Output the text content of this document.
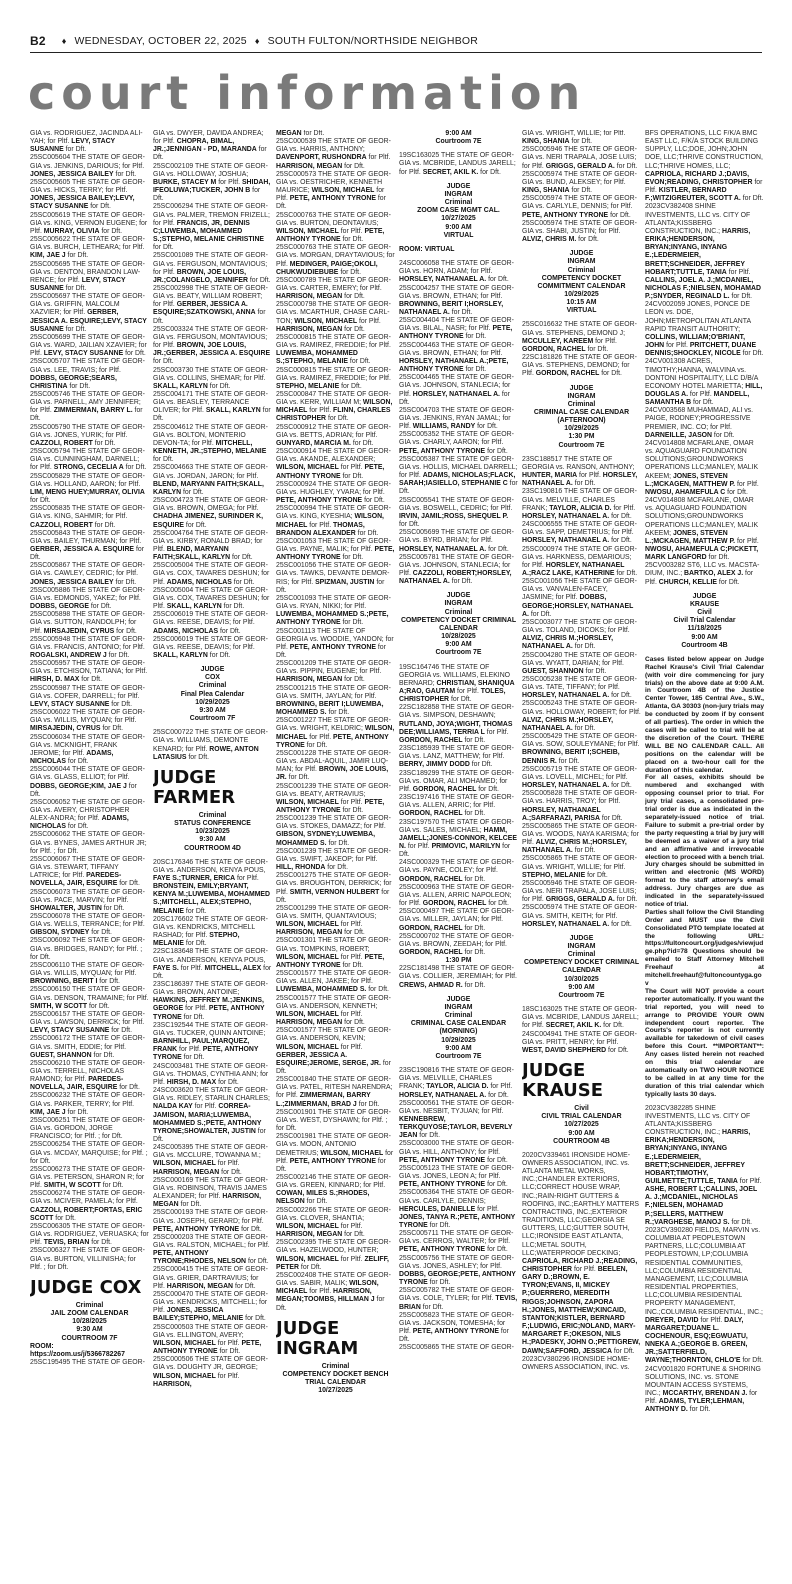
B2 ♦ WEDNESDAY, OCTOBER 22, 2025 ♦ SOUTH FULTON/NORTHSIDE NEIGHBOR
court information

GIA vs. RODRIGUEZ, JACINDA ALI-YAH; for Pltf. LEVY, STACY SUSANNE for Dft.

25SC005604 THE STATE OF GEOR-GIA vs. JENKINS, DARIOUS; for Pltf. JONES, JESSICA BAILEY for Dft.

25SC005605 THE STATE OF GEOR-GIA vs. HICKS, TERRY; for Pltf. JONES, JESSICA BAILEY;LEVY, STACY SUSANNE for Dft.

25SC005619 THE STATE OF GEOR-GIA vs. KING, VERNON EUGENE; for Pltf. MURRAY, OLIVIA for Dft.

25SC005622 THE STATE OF GEOR-GIA vs. BURCH, LETHEARA; for Pltf. KIM, JAE J for Dft.

25SC005695 THE STATE OF GEOR-GIA vs. DENTON, BRANDON LAW-RENCE; for Pltf. LEVY, STACY SUSANNE for Dft.

25SC005697 THE STATE OF GEOR-GIA vs. GRIFFIN, MALCOLM XAZVIER; for Pltf. GERBER, JESSICA A. ESQUIRE;LEVY, STACY SUSANNE for Dft.

25SC005699 THE STATE OF GEOR-GIA vs. WARD, JAILIAN XZAVIER; for Pltf. LEVY, STACY SUSANNE for Dft.

25SC005707 THE STATE OF GEOR-GIA vs. LEE, TRAVIS; for Pltf. DOBBS, GEORGE;SEARS, CHRISTINA for Dft.

25SC005746 THE STATE OF GEOR-GIA vs. PARNELL, AMY JENNIFER; for Pltf. ZIMMERMAN, BARRY L. for Dft.

25SC005790 THE STATE OF GEOR-GIA vs. JONES, YURIK; for Pltf. CAZZOLI, ROBERT for Dft.

25SC005794 THE STATE OF GEOR-GIA vs. CUNNINGHAM, DARNELL; for Pltf. STRONG, CECELIA A for Dft.

25SC005829 THE STATE OF GEOR-GIA vs. HOLLAND, AARON; for Pltf. LIM, MENG HUEY;MURRAY, OLIVIA for Dft.

25SC005835 THE STATE OF GEOR-GIA vs. KING, SAHMIR; for Pltf. CAZZOLI, ROBERT for Dft.

25SC005843 THE STATE OF GEOR-GIA vs. BAILEY, THURMAN; for Pltf. GERBER, JESSICA A. ESQUIRE for Dft.

25SC005867 THE STATE OF GEOR-GIA vs. CAWLEY, CEDRIC; for Pltf. JONES, JESSICA BAILEY for Dft.

25SC005886 THE STATE OF GEOR-GIA vs. EDMONDS, YAKEZ; for Pltf. DOBBS, GEORGE for Dft.

25SC005898 THE STATE OF GEOR-GIA vs. SUTTON, RANDOLPH; for Pltf. MIRSAJEDIN, CYRUS for Dft.

25SC005948 THE STATE OF GEOR-GIA vs. FRANCIS, ANTONIO; for Pltf. ROGALSKI, ANDREW J for Dft.

25SC005957 THE STATE OF GEOR-GIA vs. ETCHISON, TATIANA; for Pltf. HIRSH, D. MAX for Dft.

25SC005987 THE STATE OF GEOR-GIA vs. COFER, DARRELL; for Pltf. LEVY, STACY SUSANNE for Dft.

25SC006022 THE STATE OF GEOR-GIA vs. WILLIS, MYQUAN; for Pltf. MIRSAJEDIN, CYRUS for Dft.

25SC006034 THE STATE OF GEOR-GIA vs. MCKNIGHT, FRANK JEROME; for Pltf. ADAMS, NICHOLAS for Dft.

25SC006044 THE STATE OF GEOR-GIA vs. GLASS, ELLIOT; for Pltf. DOBBS, GEORGE;KIM, JAE J for Dft.

25SC006052 THE STATE OF GEOR-GIA vs. AVERY, CHRISTOPHER ALEX-ANDRA; for Pltf. ADAMS, NICHOLAS for Dft.

25SC006062 THE STATE OF GEOR-GIA vs. BYNES, JAMES ARTHUR JR; for Pltf. ; for Dft.

25SC006067 THE STATE OF GEOR-GIA vs. STEWART, TIFFANY LATRICE; for Pltf. PAREDES-NOVELLA, JAIR, ESQUIRE for Dft.

25SC006073 THE STATE OF GEOR-GIA vs. PACE, MARVIN; for Pltf. SHOWALTER, JUSTIN for Dft.

25SC006078 THE STATE OF GEOR-GIA vs. WELLS, TERRANCE; for Pltf. GIBSON, SYDNEY for Dft.

25SC006092 THE STATE OF GEOR-GIA vs. BRIDGES, RANDY; for Pltf. ; for Dft.

25SC006110 THE STATE OF GEOR-GIA vs. WILLIS, MYQUAN; for Pltf. BROWNING, BERIT I for Dft.

25SC006150 THE STATE OF GEOR-GIA vs. DENSON, TRAMAINE; for Pltf. SMITH, W SCOTT for Dft.

25SC006157 THE STATE OF GEOR-GIA vs. LAWSON, DERRICK; for Pltf. LEVY, STACY SUSANNE for Dft.

25SC006172 THE STATE OF GEOR-GIA vs. SMITH, EDDIE; for Pltf. GUEST, SHANNON for Dft.

25SC006210 THE STATE OF GEOR-GIA vs. TERRELL, NICHOLAS RAMOND; for Pltf. PAREDES-NOVELLA, JAIR, ESQUIRE for Dft.

25SC006232 THE STATE OF GEOR-GIA vs. PARKER, TERRY; for Pltf. KIM, JAE J for Dft.

25SC006251 THE STATE OF GEOR-GIA vs. GORDON, JORGE FRANCISCO; for Pltf. ; for Dft.

25SC006254 THE STATE OF GEOR-GIA vs. MCDAY, MARQUISE; for Pltf. ; for Dft.

25SC006273 THE STATE OF GEOR-GIA vs. PETERSON, SHARON R; for Pltf. SMITH, W SCOTT for Dft.

25SC006274 THE STATE OF GEOR-GIA vs. MCIVER, PAMELA; for Pltf. CAZZOLI, ROBERT;FORTAS, ERIC SCOTT for Dft.

25SC006305 THE STATE OF GEOR-GIA vs. RODRIGUEZ, VERUASKA; for Pltf. TEVIS, BRIAN for Dft.

25SC006327 THE STATE OF GEOR-GIA vs. BURTON, VILLINISHA; for Pltf. ; for Dft.

JUDGE COX

Criminal

JAIL ZOOM CALENDAR

10/28/2025

9:30 AM

COURTROOM 7F

ROOM: https://zoom.us/j/5366782267

25SC195495 THE STATE OF GEOR-

GIA vs. DWYER, DAVIDA ANDREA; for Pltf. CHOPRA, BIMAL, JR.;JENNIGAN - PD, MARANDA for Dft.

25SC002109 THE STATE OF GEOR-GIA vs. HOLLOWAY, JOSHUA; BURKE, STACEY M for Pltf. SHIDAH, IFEOLUWA;TUCKER, JOHN B for Dft.

25SC006294 THE STATE OF GEOR-GIA vs. PALMER, TREMON FRIZELL; for Pltf. FRANCIS, JR, DENNIS C;LUWEMBA, MOHAMMED S.;STEPHO, MELANIE CHRISTINE for Dft.

25SC001089 THE STATE OF GEOR-GIA vs. FERGUSON, MONTAVIOUS; for Pltf. BROWN, JOE LOUIS, JR.;COLANGELO, JENNIFER for Dft.

25SC002998 THE STATE OF GEOR-GIA vs. BEATY, WILLIAM ROBERT; for Pltf. GERBER, JESSICA A. ESQUIRE;SZATKOWSKI, ANNA for Dft.

25SC003324 THE STATE OF GEOR-GIA vs. FERGUSON, MONTAVIOUS; for Pltf. BROWN, JOE LOUIS, JR.;GERBER, JESSICA A. ESQUIRE for Dft.

25SC003730 THE STATE OF GEOR-GIA vs. COLLINS, SHEMAR; for Pltf. SKALL, KARLYN for Dft.

25SC004171 THE STATE OF GEOR-GIA vs. BEASLEY, TERRANCE OLIVER; for Pltf. SKALL, KARLYN for Dft.

25SC004612 THE STATE OF GEOR-GIA vs. BOLTON, MONTERIO DEVON-TA; for Pltf. MITCHELL, KENNETH, JR.;STEPHO, MELANIE for Dft.

25SC004663 THE STATE OF GEOR-GIA vs. JORDAN, JARON; for Pltf. BLEND, MARYANN FAITH;SKALL, KARLYN for Dft.

25SC004723 THE STATE OF GEOR-GIA vs. BROWN, OMEGA; for Pltf. CHADHA JIMENEZ, SURINDER K, ESQUIRE for Dft.

25SC004764 THE STATE OF GEOR-GIA vs. KIRBY, RONALD BRAD; for Pltf. BLEND, MARYANN FAITH;SKALL, KARLYN for Dft.

25SC005004 THE STATE OF GEOR-GIA vs. COX, TAVARES DESHUN; for Pltf. ADAMS, NICHOLAS for Dft.

25SC005004 THE STATE OF GEOR-GIA vs. COX, TAVARES DESHUN; for Pltf. SKALL, KARLYN for Dft.

25SC006019 THE STATE OF GEOR-GIA vs. REESE, DEAVIS; for Pltf. ADAMS, NICHOLAS for Dft.

25SC006019 THE STATE OF GEOR-GIA vs. REESE, DEAVIS; for Pltf. SKALL, KARLYN for Dft.

JUDGE

COX

Criminal

Final Plea Calendar

10/29/2025

9:30 AM

Courtroom 7F

25SC000722 THE STATE OF GEOR-GIA vs. WILLIAMS, DEMONTE KENARD; for Pltf. ROWE, ANTON LATASIUS for Dft.

JUDGE FARMER

Criminal

STATUS CONFERENCE

10/23/2025

9:30 AM

COURTROOM 4D

20SC176346 THE STATE OF GEOR-GIA vs. ANDERSON, KENYA POUS, FAYE S.;TURNER, ERICA for Pltf. BRONSTEIN, EMILY;BRYANT, KENYA M.;LUWEMBA, MOHAMMED S.;MITCHELL, ALEX;STEPHO, MELANIE for Dft.

20SC176602 THE STATE OF GEOR-GIA vs. KENDRICKS, MITCHELL RASHAD; for Pltf. STEPHO, MELANIE for Dft.

22SC183648 THE STATE OF GEOR-GIA vs. ANDERSON, KENYA POUS, FAYE S. for Pltf. MITCHELL, ALEX for Dft.

23SC186397 THE STATE OF GEOR-GIA vs. BROWN, ANTOINE; HAWKINS, JEFFREY M.;JENKINS, GEORGE for Pltf. PETE, ANTHONY TYRONE for Dft.

23SC192544 THE STATE OF GEOR-GIA vs. TUCKER, QUINN ANTOINE; BARNHILL, PAUL;MARQUEZ, FRANK for Pltf. PETE, ANTHONY TYRONE for Dft.

24SC003481 THE STATE OF GEOR-GIA vs. THOMAS, CYNTHIA ANN; for Pltf. HIRSH, D. MAX for Dft.

24SC003620 THE STATE OF GEOR-GIA vs. RIDLEY, STARLIN CHARLES; NALDA KAY for Pltf. CORREA-JAMISON, MARIA;LUWEMBA, MOHAMMED S.;PETE, ANTHONY TYRONE;SHOWALTER, JUSTIN for Dft.

24SC005395 THE STATE OF GEOR-GIA vs. MCCLURE, TOWANNA M.; WILSON, MICHAEL for Pltf. HARRISON, MEGAN for Dft.

25SC000169 THE STATE OF GEOR-GIA vs. ROBINSON, TRAVIS JAMES ALEXANDER; for Pltf. HARRISON, MEGAN for Dft.

25SC000193 THE STATE OF GEOR-GIA vs. JOSEPH, GERARD; for Pltf. PETE, ANTHONY TYRONE for Dft.

25SC000203 THE STATE OF GEOR-GIA vs. RALSTON, MICHAEL; for Pltf. PETE, ANTHONY TYRONE;RHODES, NELSON for Dft.

25SC000415 THE STATE OF GEOR-GIA vs. GRIER, DARTRAVIUS; for Pltf. HARRISON, MEGAN for Dft.

25SC000470 THE STATE OF GEOR-GIA vs. KENDRICKS, MITCHELL; for Pltf. JONES, JESSICA BAILEY;STEPHO, MELANIE for Dft.

25SC000503 THE STATE OF GEOR-GIA vs. ELLINGTON, AVERY; WILSON, MICHAEL for Pltf. PETE, ANTHONY TYRONE for Dft.

25SC000506 THE STATE OF GEOR-GIA vs. DOUGHTY JR, GEORGE; WILSON, MICHAEL for Pltf. HARRISON,

MEGAN for Dft.

25SC000539 THE STATE OF GEOR-GIA vs. HARRIS, ANTHONY; DAVENPORT, RUSHONDRA for Pltf. HARRISON, MEGAN for Dft.

25SC000573 THE STATE OF GEOR-GIA vs. OESTRICHER, KENNETH MAURICE; WILSON, MICHAEL for Pltf. PETE, ANTHONY TYRONE for Dft.

25SC000763 THE STATE OF GEOR-GIA vs. BURTON, DEONTAVIUS; WILSON, MICHAEL for Pltf. PETE, ANTHONY TYRONE for Dft.

25SC000763 THE STATE OF GEOR-GIA vs. MORGAN, DRAYTAVIOUS; for Pltf. MEDINGER, PAIGE;OKOLI, CHUKWUDIEBUBE for Dft.

25SC000789 THE STATE OF GEOR-GIA vs. CARTER, EMERY; for Pltf. HARRISON, MEGAN for Dft.

25SC000798 THE STATE OF GEOR-GIA vs. MCARTHUR, CHASE CARL-TON; WILSON, MICHAEL for Pltf. HARRISON, MEGAN for Dft.

25SC000815 THE STATE OF GEOR-GIA vs. RAMIREZ, FREDDIE; for Pltf. LUWEMBA, MOHAMMED S.;STEPHO, MELANIE for Dft.

25SC000815 THE STATE OF GEOR-GIA vs. RAMIREZ, FREDDIE; for Pltf. STEPHO, MELANIE for Dft.

25SC000847 THE STATE OF GEOR-GIA vs. KERR, WILLIAM M; WILSON, MICHAEL for Pltf. FLINN, CHARLES CHRISTOPHER for Dft.

25SC000912 THE STATE OF GEOR-GIA vs. BETTS, ADRIAN; for Pltf. GUNYARD, MARCIA M. for Dft.

25SC000914 THE STATE OF GEOR-GIA vs. AKANDE, ALEXANDER; WILSON, MICHAEL for Pltf. PETE, ANTHONY TYRONE for Dft.

25SC000924 THE STATE OF GEOR-GIA vs. HUGHLEY, YVARA; for Pltf. PETE, ANTHONY TYRONE for Dft.

25SC000994 THE STATE OF GEOR-GIA vs. KING, KYESHIA; WILSON, MICHAEL for Pltf. THOMAS, BRANDON ALEXANDER for Dft.

25SC001053 THE STATE OF GEOR-GIA vs. PAYNE, MALIK; for Pltf. PETE, ANTHONY TYRONE for Dft.

25SC001056 THE STATE OF GEOR-GIA vs. TAWKS, DEVANTE DEMOR-RIS; for Pltf. SPIZMAN, JUSTIN for Dft.

25SC001093 THE STATE OF GEOR-GIA vs. RYAN, NIKKI; for Pltf. LUWEMBA, MOHAMMED S.;PETE, ANTHONY TYRONE for Dft.

25SC001113 THE STATE OF GEORGIA vs. WOODIE, YANDON; for Pltf. PETE, ANTHONY TYRONE for Dft.

25SC001209 THE STATE OF GEOR-GIA vs. PIPPIN, EUGENE; for Pltf. HARRISON, MEGAN for Dft.

25SC001215 THE STATE OF GEOR-GIA vs. SMITH, JAYLAN; for Pltf. BROWNING, BERIT I;LUWEMBA, MOHAMMED S. for Dft.

25SC001227 THE STATE OF GEOR-GIA vs. WRIGHT, KELDRIC; WILSON, MICHAEL for Pltf. PETE, ANTHONY TYRONE for Dft.

25SC001228 THE STATE OF GEOR-GIA vs. ABDAL-AQUIL, JAMIR LUQ-MAN; for Pltf. BROWN, JOE LOUIS, JR. for Dft.

25SC001239 THE STATE OF GEOR-GIA vs. BEATY, ARTRAVIUS; WILSON, MICHAEL for Pltf. PETE, ANTHONY TYRONE for Dft.

25SC001239 THE STATE OF GEOR-GIA vs. STOKES, DAMAZZ; for Pltf. GIBSON, SYDNEY;LUWEMBA, MOHAMMED S. for Dft.

25SC001239 THE STATE OF GEOR-GIA vs. SWIFT, JAKEOP; for Pltf. HILL, RHONDA for Dft.

25SC001275 THE STATE OF GEOR-GIA vs. BROUGHTON, DERRICK; for Pltf. SMITH, VERNON HULBERT for Dft.

25SC001299 THE STATE OF GEOR-GIA vs. SMITH, QUANTAVIOUS; WILSON, MICHAEL for Pltf. HARRISON, MEGAN for Dft.

25SC001301 THE STATE OF GEOR-GIA vs. TOMPKINS, ROBERT; WILSON, MICHAEL for Pltf. PETE, ANTHONY TYRONE for Dft.

25SC001577 THE STATE OF GEOR-GIA vs. ALLEN, JAKEE; for Pltf. LUWEMBA, MOHAMMED S. for Dft.

25SC001577 THE STATE OF GEOR-GIA vs. ANDERSON, KENNETH; WILSON, MICHAEL for Pltf. HARRISON, MEGAN for Dft.

25SC001577 THE STATE OF GEOR-GIA vs. ANDERSON, KEVIN; WILSON, MICHAEL for Pltf. GERBER, JESSICA A. ESQUIRE;JEROME, SERGE, JR. for Dft.

25SC001840 THE STATE OF GEOR-GIA vs. PATEL, RITESH NARENDRA; for Pltf. ZIMMERMAN, BARRY L.;ZIMMERMAN, BRAD J for Dft.

25SC001901 THE STATE OF GEOR-GIA vs. WEST, DYSHAWN; for Pltf. ; for Dft.

25SC001981 THE STATE OF GEOR-GIA vs. MOON, ANTONIO DEMETRIUS; WILSON, MICHAEL for Pltf. PETE, ANTHONY TYRONE for Dft.

25SC002146 THE STATE OF GEOR-GIA vs. GREEN, KINNARD; for Pltf. COWAN, MILES S.;RHODES, NELSON for Dft.

25SC002266 THE STATE OF GEOR-GIA vs. CLOVER, SHANTIA; WILSON, MICHAEL for Pltf. HARRISON, MEGAN for Dft.

25SC002395 THE STATE OF GEOR-GIA vs. HAZELWOOD, HUNTER; WILSON, MICHAEL for Pltf. ZELIFF, PETER for Dft.

25SC002408 THE STATE OF GEOR-GIA vs. SABIR, MALIK; WILSON, MICHAEL for Pltf. HARRISON, MEGAN;TOOMBS, HILLMAN J for Dft.

JUDGE INGRAM

Criminal

COMPETENCY DOCKET BENCH TRIAL CALENDAR

10/27/2025

9:00 AM

Courtroom 7E

19SC163025 THE STATE OF GEOR-GIA vs. MCBRIDE, LANDUS JARELL; for Pltf. SECRET, AKIL K. for Dft.

JUDGE

INGRAM

Criminal

ZOOM CASE MGMT CAL.

10/27/2025

9:00 AM

VIRTUAL

ROOM: VIRTUAL

24SC006058 THE STATE OF GEOR-GIA vs. HORN, ADAM; for Pltf. HORSLEY, NATHANAEL A. for Dft.

25SC004257 THE STATE OF GEOR-GIA vs. BROWN, ETHAN; for Pltf. BROWNING, BERIT I;HORSLEY, NATHANAEL A. for Dft.

25SC004404 THE STATE OF GEOR-GIA vs. BILAL, NASR; for Pltf. PETE, ANTHONY TYRONE for Dft.

25SC004463 THE STATE OF GEOR-GIA vs. BROWN, ETHAN; for Pltf. HORSLEY, NATHANAEL A.;PETE, ANTHONY TYRONE for Dft.

25SC004465 THE STATE OF GEOR-GIA vs. JOHNSON, STANLECIA; for Pltf. HORSLEY, NATHANAEL A. for Dft.

25SC004703 THE STATE OF GEOR-GIA vs. JENKINS, RYAN JAMAL; for Pltf. WILLIAMS, RANDY for Dft.

25SC005352 THE STATE OF GEOR-GIA vs. CHARLY, AARON; for Pltf. PETE, ANTHONY TYRONE for Dft.

25SC005387 THE STATE OF GEOR-GIA vs. HOLLIS, MICHAEL DARRELL; for Pltf. ADAMS, NICHOLAS;FLACK, SARAH;IASIELLO, STEPHANIE C for Dft.

25SC005541 THE STATE OF GEOR-GIA vs. BOSWELL, CEDRIC; for Pltf. IRVIN, JAMIL;ROSS, SHEQUEL P. for Dft.

25SC005699 THE STATE OF GEOR-GIA vs. BYRD, BRIAN; for Pltf. HORSLEY, NATHANAEL A. for Dft.

25SC005781 THE STATE OF GEOR-GIA vs. JOHNSON, STANLECIA; for Pltf. CAZZOLI, ROBERT;HORSLEY, NATHANAEL A. for Dft.

JUDGE

INGRAM

Criminal

COMPETENCY DOCKET CRIMINAL CALENDAR

10/28/2025

9:00 AM

Courtroom 7E

19SC164746 THE STATE OF GEORGIA vs. WILLIAMS, ELEKINO BERNARD; CHRISTIAN, SHANIQUA A;RAO, GAUTAM for Pltf. TOLES, CHRISTOPHER for Dft.

22SC182858 THE STATE OF GEOR-GIA vs. SIMPSON, DESHAWN; RUTLAND, JOYA;WIGHT, THOMAS DEE;WILLIAMS, TERRIA L for Pltf. GORDON, RACHEL for Dft.

23SC185939 THE STATE OF GEOR-GIA vs. LANZ, MATTHEW; for Pltf. BERRY, JIMMY DODD for Dft.

23SC189299 THE STATE OF GEOR-GIA vs. OMAR, ALI MOHAMED; for Pltf. GORDON, RACHEL for Dft.

23SC197416 THE STATE OF GEOR-GIA vs. ALLEN, ARRIC; for Pltf. GORDON, RACHEL for Dft.

23SC197570 THE STATE OF GEOR-GIA vs. SALES, MICHAEL; HAMM, JAMELL;JONES-CONNOR, KELCEE N. for Pltf. PRIMOVIC, MARILYN for Dft.

24SC000329 THE STATE OF GEOR-GIA vs. PAYNE, COLEY; for Pltf. GORDON, RACHEL for Dft.

25SC000963 THE STATE OF GEOR-GIA vs. ALLEN, ARRIC NAPOLEON; for Pltf. GORDON, RACHEL for Dft.

25SC000497 THE STATE OF GEOR-GIA vs. MILLER, JAYLAN; for Pltf. GORDON, RACHEL for Dft.

25SC000702 THE STATE OF GEOR-GIA vs. BROWN, ZEEDAH; for Pltf. GORDON, RACHEL for Dft.

1:30 PM

22SC181498 THE STATE OF GEOR-GIA vs. COLLIER, JEREMIAH; for Pltf. CREWS, AHMAD R. for Dft.

JUDGE

INGRAM

Criminal

CRIMINAL CASE CALENDAR (MORNING)

10/29/2025

9:00 AM

Courtroom 7E

23SC190816 THE STATE OF GEOR-GIA vs. MELVILLE, CHARLES FRANK; TAYLOR, ALICIA D. for Pltf. HORSLEY, NATHANAEL A. for Dft.

25SC000561 THE STATE OF GEOR-GIA vs. NESBIT, TYJUAN; for Pltf. KENNEBREW, TERKQUYOSE;TAYLOR, BEVERLY JEAN for Dft.

25SC003000 THE STATE OF GEOR-GIA vs. HILL, ANTHONY; for Pltf. PETE, ANTHONY TYRONE for Dft.

25SC005123 THE STATE OF GEOR-GIA vs. JONES, LEON A; for Pltf. PETE, ANTHONY TYRONE for Dft.

25SC005364 THE STATE OF GEOR-GIA vs. CARLYLE, DENNIS; HERCULES, DANIELLE for Pltf. JONES, TANYA R.;PETE, ANTHONY TYRONE for Dft.

25SC005711 THE STATE OF GEOR-GIA vs. CERROS, WALTER; for Pltf. PETE, ANTHONY TYRONE for Dft.

25SC005756 THE STATE OF GEOR-GIA vs. JONES, ASHLEY; for Pltf. DOBBS, GEORGE;PETE, ANTHONY TYRONE for Dft.

25SC005782 THE STATE OF GEOR-GIA vs. COLE, TYLER; for Pltf. TEVIS, BRIAN for Dft.

25SC005823 THE STATE OF GEOR-GIA vs. JACKSON, TOMESHA; for Pltf. PETE, ANTHONY TYRONE for Dft.

25SC005865 THE STATE OF GEOR-

GIA vs. WRIGHT, WILLIE; for Pltf. KING, SHANIA for Dft.

25SC005946 THE STATE OF GEOR-GIA vs. NERI TRAPALA, JOSE LUIS; for Pltf. GRIGGS, GERALD A. for Dft.

25SC005974 THE STATE OF GEOR-GIA vs. BUND, ALEKSEY; for Pltf. KING, SHANIA for Dft.

25SC005974 THE STATE OF GEOR-GIA vs. CARLYLE, DENNIS; for Pltf. PETE, ANTHONY TYRONE for Dft.

25SC005974 THE STATE OF GEOR-GIA vs. SHABI, JUSTIN; for Pltf. ALVIZ, CHRIS M. for Dft.

JUDGE

INGRAM

Criminal

COMPETENCY DOCKET COMMITMENT CALENDAR

10/29/2025

10:15 AM

VIRTUAL

25SC016632 THE STATE OF GEOR-GIA vs. STEPHENS, DEMOND J; MCCULLEY, KAREEM for Pltf. GORDON, RACHEL for Dft.

22SC181826 THE STATE OF GEOR-GIA vs. STEPHENS, DEMOND; for Pltf. GORDON, RACHEL for Dft.

JUDGE

INGRAM

Criminal

CRIMINAL CASE CALENDAR (AFTERNOON)

10/29/2025

1:30 PM

Courtroom 7E

23SC188517 THE STATE OF GEORGIA vs. RANSON, ANTHONY; HUNTER, MARIA for Pltf. HORSLEY, NATHANAEL A. for Dft.

23SC190816 THE STATE OF GEOR-GIA vs. MELVILLE, CHARLES FRANK; TAYLOR, ALICIA D. for Pltf. HORSLEY, NATHANAEL A. for Dft.

24SC006555 THE STATE OF GEOR-GIA vs. SAPP, DEMETRIUS; for Pltf. HORSLEY, NATHANAEL A. for Dft.

25SC000974 THE STATE OF GEOR-GIA vs. HARKNESS, DEMARIOUS; for Pltf. HORSLEY, NATHANAEL A.;RACZ LAKE, KATHERINE for Dft.

25SC001056 THE STATE OF GEOR-GIA vs. VANVALEN-FACEY, JASMINE; for Pltf. DOBBS, GEORGE;HORSLEY, NATHANAEL A. for Dft.

25SC003077 THE STATE OF GEOR-GIA vs. TOLAND, DICOKS; for Pltf. ALVIZ, CHRIS M.;HORSLEY, NATHANAEL A. for Dft.

25SC004280 THE STATE OF GEOR-GIA vs. WYATT, DARIAN; for Pltf. GUEST, SHANNON for Dft.

25SC005238 THE STATE OF GEOR-GIA vs. TATE, TIFFANY; for Pltf. HORSLEY, NATHANAEL A. for Dft.

25SC005243 THE STATE OF GEOR-GIA vs. HOLLOWAY, ROBERT; for Pltf. ALVIZ, CHRIS M.;HORSLEY, NATHANAEL A. for Dft.

25SC005429 THE STATE OF GEOR-GIA vs. SOW, SOULEYMANE; for Pltf. BROWNING, BERIT I;SCHEIB, DENNIS R. for Dft.

25SC005719 THE STATE OF GEOR-GIA vs. LOVELL, MICHEL; for Pltf. HORSLEY, NATHANAEL A. for Dft.

25SC005828 THE STATE OF GEOR-GIA vs. HARRIS, TROY; for Pltf. HORSLEY, NATHANAEL A.;SARFARAZI, PARISA for Dft.

25SC005865 THE STATE OF GEOR-GIA vs. WOODS, NAYA KARISMA; for Pltf. ALVIZ, CHRIS M.;HORSLEY, NATHANAEL A. for Dft.

25SC005865 THE STATE OF GEOR-GIA vs. WRIGHT, WILLIE; for Pltf. STEPHO, MELANIE for Dft.

25SC005946 THE STATE OF GEOR-GIA vs. NERI TRAPALA, JOSE LUIS; for Pltf. GRIGGS, GERALD A. for Dft.

25SC005974 THE STATE OF GEOR-GIA vs. SMITH, KEITH; for Pltf. HORSLEY, NATHANAEL A. for Dft.

JUDGE

INGRAM

Criminal

COMPETENCY DOCKET CRIMINAL CALENDAR

10/30/2025

9:00 AM

Courtroom 7E

18SC163025 THE STATE OF GEOR-GIA vs. MCBRIDE, LANDUS JARELL; for Pltf. SECRET, AKIL K. for Dft.

24SC004941 THE STATE OF GEOR-GIA vs. PRITT, HENRY; for Pltf. WEST, DAVID SHEPHERD for Dft.

JUDGE KRAUSE

Civil

CIVIL TRIAL CALENDAR

10/27/2025

9:00 AM

COURTROOM 4B

2020CV339461 IRONSIDE HOME-OWNERS ASSOCIATION, INC. vs. ATLANTA METAL WORKS, INC.;CHANDLER EXTERIORS, LLC;CORRECT HOUSE WRAP, INC.;RAIN-RIGHT GUTTERS & ROOFING, INC.;EARTHLY MATTERS CONTRACTING, INC.;EXTERIOR TRADITIONS, LLC;GEORGIA SE GUTTERS, LLC;GUTTER SOUTH, LLC;IRONSIDE EAST ATLANTA, LLC;METAL SOUTH, LLC;WATERPROOF DECKING; CAPRIOLA, RICHARD J.;READING, CHRISTOPHER for Pltf. BEELEN, GARY D.;BROWN, E. TYRON;EVANS, II, MICKEY P.;GUERRERO, MEREDITH RIGGS;JOHNSON, ZAPORA H.;JONES, MATTHEW;KINCAID, STANTON;KISTLER, BERNARD F.;LUDWIG, ERIC;NOLAND, MARY-MARGARET F.;OKESON, NILS H.;PADESKY, JOHN O.;PETTIGREW, DAWN;SAFFORD, JESSICA for Dft.

2023CV380296 IRONSIDE HOME-OWNERS ASSOCIATION, INC. vs.

BFS OPERATIONS, LLC F/K/A BMC EAST LLC, F/K/A STOCK BUILDING SUPPLY, LLC;DOE, JOHN;JOHN DOE, LLC;THRIVE CONSTRUCTION, LLC;THRIVE HOMES, LLC; CAPRIOLA, RICHARD J.;DAVIS, EVON;READING, CHRISTOPHER for Pltf. KISTLER, BERNARD F.;WITZIGREUTER, SCOTT A. for Dft.

2023CV382408 SHINE INVESTMENTS, LLC vs. CITY OF ATLANTA;KISSBERG CONSTRUCTION, INC.; HARRIS, ERIKA;HENDERSON, BRYAN;INYANG, INYANG E.;LEDERMEIER, BRETT;SCHNEIDER, JEFFREY HOBART;TUTTLE, TANIA for Pltf. CALLINS, JOEL A. J.;MCDANIEL, NICHOLAS F.;NIELSEN, MOHAMAD P.;SNYDER, REGINALD L. for Dft.

24CV002059 JONES, PONCE DE LEON vs. DOE, JOHN;METROPOLITAN ATLANTA RAPID TRANSIT AUTHORITY; COLLINS, WILLIAM;O'BRIANT, JOHN for Pltf. PRITCHETT, DUANE DENNIS;SHOCKLEY, NICOLE for Dft.

24CV001308 ACRES, TIMOTHY;HANNA, WALVINA vs. DONTONI HOSPITALITY, LLC D/B/A ECONOMY HOTEL MARIETTA; HILL, DOUGLAS A. for Pltf. MANDELL, SAMANTHA B for Dft.

24CV003568 MUHAMMAD, ALI vs. PAIGE, RODNEY;PROGRESSIVE PREMIER, INC. CO; for Pltf. DARNEILLE, JASON for Dft.

24CV014808 MCFARLANE, OMAR vs. AQUAGUARD FOUNDATION SOLUTIONS;GROUNDWORKS OPERATIONS LLC;MANLEY, MALIK AKEEM; JONES, STEVEN L.;MCKAGEN, MATTHEW P. for Pltf. NWOSU, AHAMEFULA C for Dft.

24CV014808 MCFARLANE, OMAR vs. AQUAGUARD FOUNDATION SOLUTIONS;GROUNDWORKS OPERATIONS LLC;MANLEY, MALIK AKEEM; JONES, STEVEN L.;MCKAGEN, MATTHEW P. for Pltf. NWOSU, AHAMEFULA C;PICKETT, MARK LANGFORD for Dft.

25CV003282 ST6, LLC vs. MACSTA-DIUM, INC.; BARTKO, ALEX J. for Pltf. CHURCH, KELLIE for Dft.

JUDGE

KRAUSE

Civil

Civil Trial Calendar

11/18/2025

9:00 AM

Courtroom 4B

Cases listed below appear on Judge Rachel Krause's Civil Trial Calendar (with voir dire commencing for jury trials) on the above date at 9:00 A.M. in Courtroom 4B of the Justice Center Tower, 185 Central Ave., S.W., Atlanta, GA 30303 (non-jury trials may be conducted by zoom if by consent of all parties). The order in which the cases will be called to trial will be at the discretion of the Court. THERE WILL BE NO CALENDAR CALL. All positions on the calendar will be placed on a two-hour call for the duration of this calendar.

For all cases, exhibits should be numbered and exchanged with opposing counsel prior to trial. For jury trial cases, a consolidated pre-trial order is due as indicated in the separately-issued notice of trial. Failure to submit a pre-trial order by the party requesting a trial by jury will be deemed as a waiver of a jury trial and an affirmative and irrevocable election to proceed with a bench trial. Jury charges should be submitted in written and electronic (MS WORD) format to the staff attorney's email address. Jury charges are due as indicated in the separately-issued notice of trial.

Parties shall follow the Civil Standing Order and MUST use the Civil Consolidated PTO template located at the following URL: https://fultoncourt.org/judges/viewjudge.php?id=78 Questions should be emailed to Staff Attorney Mitchell Freehauf at mitchell.freehauf@fultoncountyga.gov

The Court will NOT provide a court reporter automatically. If you want the trial reported, you will need to arrange to PROVIDE YOUR OWN independent court reporter. The Courts's reporter is not currently available for takedown of civil cases before this Court. **IMPORTANT**: Any cases listed herein not reached on this trial calendar are automatically on TWO HOUR NOTICE to be called in at any time for the duration of this trial calendar which typically lasts 30 days.

2023CV382285 SHINE INVESTMENTS, LLC vs. CITY OF ATLANTA;KISSBERG CONSTRUCTION, INC.; HARRIS, ERIKA;HENDERSON, BRYAN;INYANG, INYANG E.;LEDERMEIER, BRETT;SCHNEIDER, JEFFREY HOBART;TIMOTHY, GUILMETTE;TUTTLE, TANIA for Pltf. ASHE, ROBERT L;CALLINS, JOEL A. J.;MCDANIEL, NICHOLAS F.;NIELSEN, MOHAMAD P.;SELLERS, MATTHEW R.;VARGHESE, MANOJ S. for Dft.

2023CV390280 FIELDS, MARVIN vs. COLUMBIA AT PEOPLESTOWN PARTNERS, LLC;COLUMBIA AT PEOPLESTOWN, LP;COLUMBIA RESIDENTIAL COMMUNITIES, LLC;COLUMBIA RESIDENTIAL MANAGEMENT, LLC;COLUMBIA RESIDENTIAL PROPERTIES, LLC;COLUMBIA RESIDENTIAL PROPERTY MANAGEMENT, INC.;COLUMBIA RESIDENTIAL, INC.; DREYER, DAVID for Pltf. DALY, MARGARET;DUANE L. COCHENOUR, ESQ;EGWUATU, NNEKA A.;GEORGE B. GREEN, JR.;SATTERFIELD, WAYNE;THORNTON, CHLO'E for Dft.

24CV001820 FORTUNE & SHORING SOLUTIONS, INC. vs. STONE MOUNTAIN ACCESS SYSTEMS, INC.; MCCARTHY, BRENDAN J. for Pltf. ADAMS, TYLER;LEHMAN, ANTHONY D. for Dft.
